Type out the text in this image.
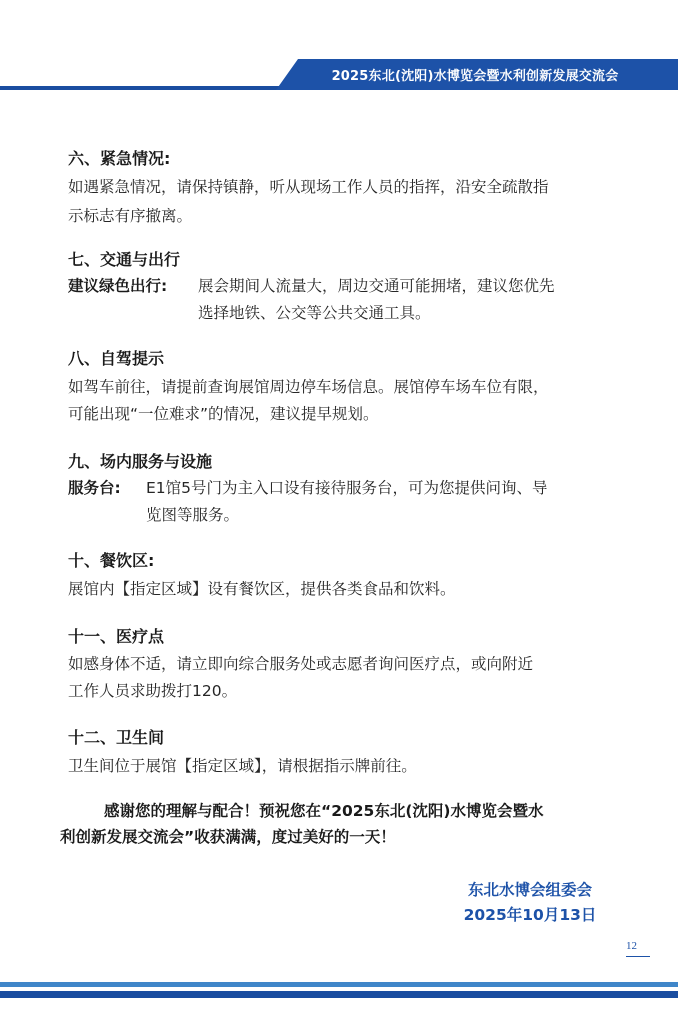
2025东北(沈阳)水博览会暨水利创新发展交流会
六、紧急情况:
如遇紧急情况，请保持镇静，听从现场工作人员的指挥，沿安全疏散指
示标志有序撤离。
七、交通与出行
建议绿色出行: 展会期间人流量大，周边交通可能拥堵，建议您优先
选择地铁、公交等公共交通工具。
八、自驾提示
如驾车前往，请提前查询展馆周边停车场信息。展馆停车场车位有限，
可能出现“一位难求”的情况，建议提早规划。
九、场内服务与设施
服务台: E1馆5号门为主入口设有接待服务台，可为您提供问询、导
览图等服务。
十、餐饮区:
展馆内【指定区域】设有餐饮区，提供各类食品和饮料。
十一、医疗点
如感身体不适，请立即向综合服务处或志愿者询问医疗点，或向附近
工作人员求助拨打120。
十二、卫生间
卫生间位于展馆【指定区域】，请根据指示牌前往。
感谢您的理解与配合！预祝您在“2025东北(沈阳)水博览会暨水
利创新发展交流会”收获满满，度过美好的一天！
东北水博会组委会
2025年10月13日
12
